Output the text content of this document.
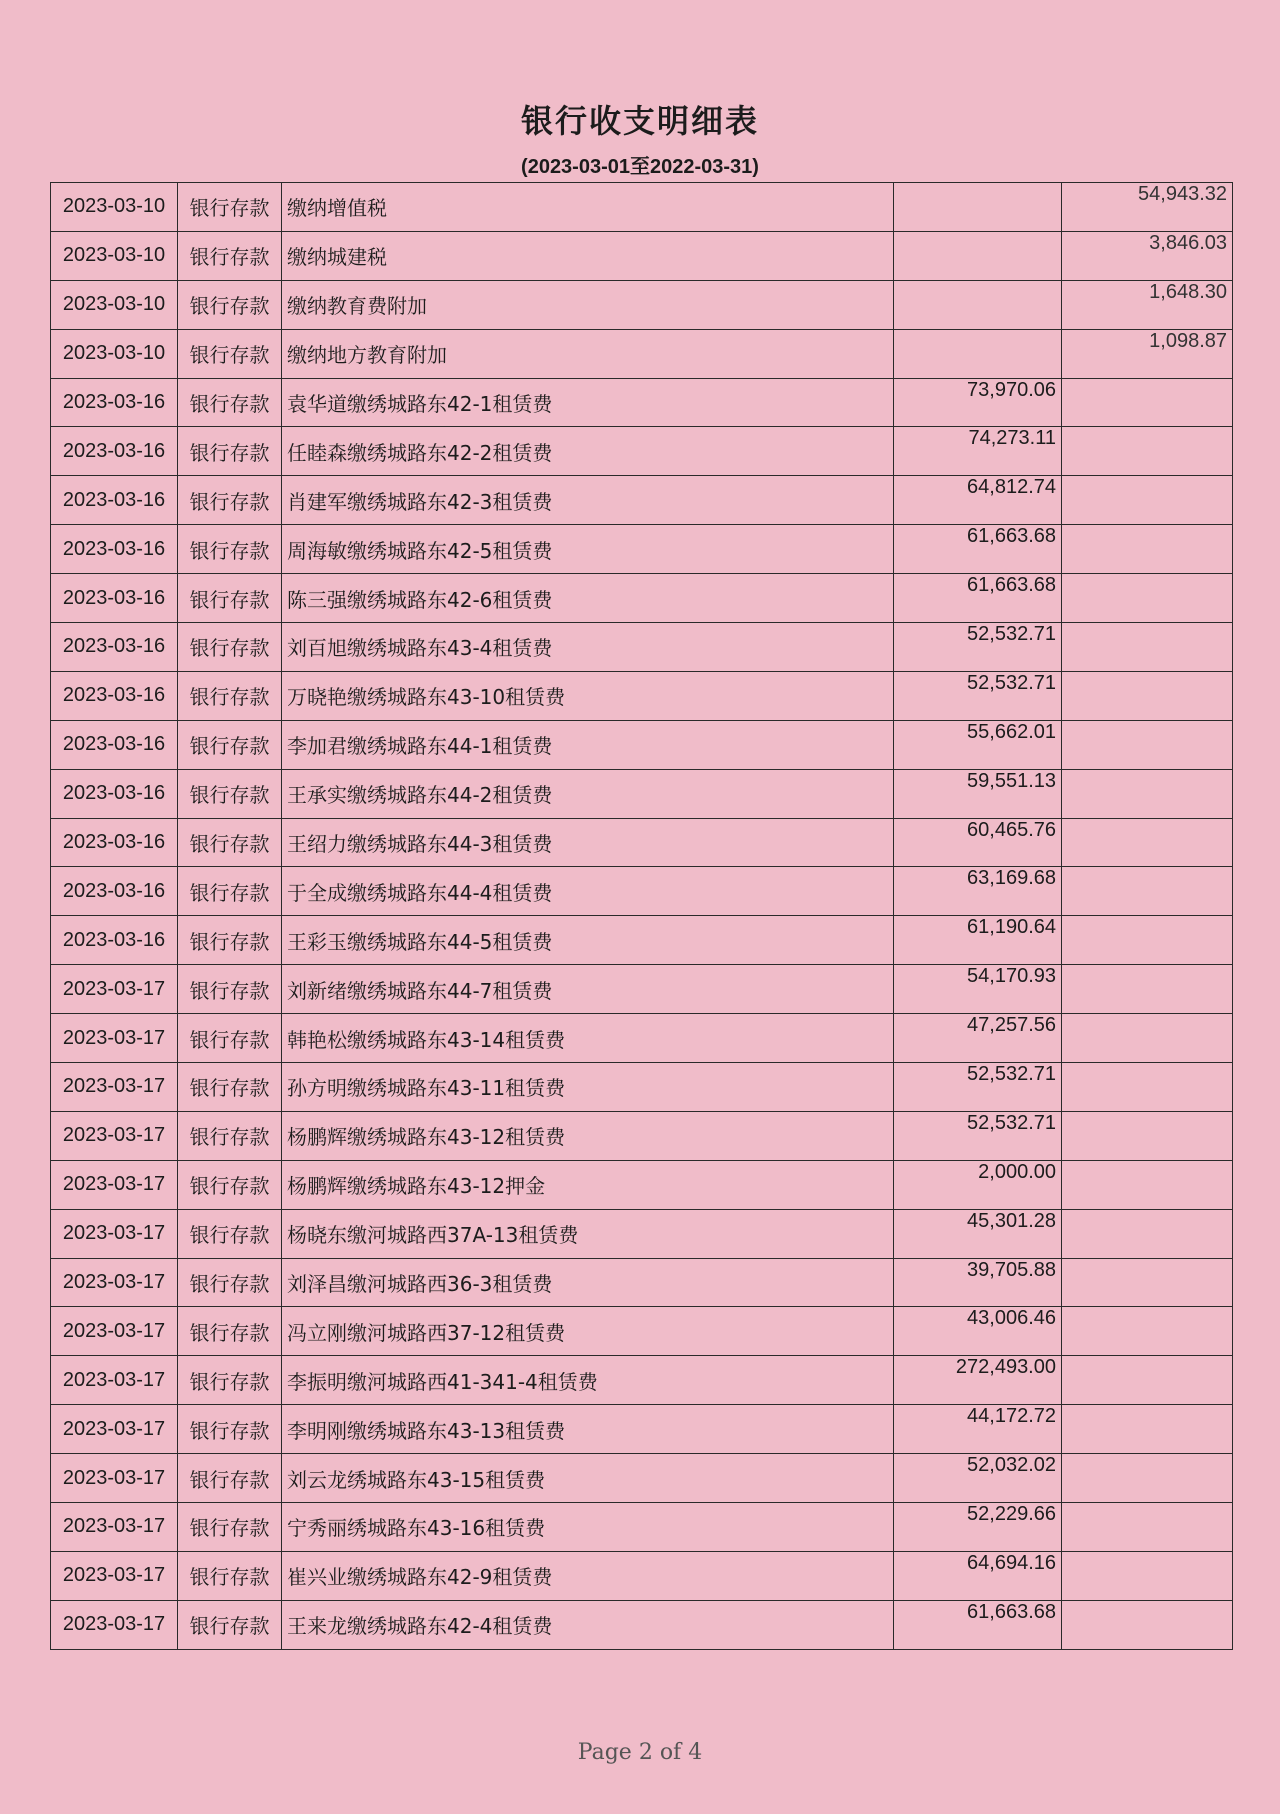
银行收支明细表
(2023-03-01至2022-03-31)
2023-03-10	银行存款	缴纳增值税		54,943.32
2023-03-10	银行存款	缴纳城建税		3,846.03
2023-03-10	银行存款	缴纳教育费附加		1,648.30
2023-03-10	银行存款	缴纳地方教育附加		1,098.87
2023-03-16	银行存款	袁华道缴绣城路东42-1租赁费	73,970.06	
2023-03-16	银行存款	任睦森缴绣城路东42-2租赁费	74,273.11	
2023-03-16	银行存款	肖建军缴绣城路东42-3租赁费	64,812.74	
2023-03-16	银行存款	周海敏缴绣城路东42-5租赁费	61,663.68	
2023-03-16	银行存款	陈三强缴绣城路东42-6租赁费	61,663.68	
2023-03-16	银行存款	刘百旭缴绣城路东43-4租赁费	52,532.71	
2023-03-16	银行存款	万晓艳缴绣城路东43-10租赁费	52,532.71	
2023-03-16	银行存款	李加君缴绣城路东44-1租赁费	55,662.01	
2023-03-16	银行存款	王承实缴绣城路东44-2租赁费	59,551.13	
2023-03-16	银行存款	王绍力缴绣城路东44-3租赁费	60,465.76	
2023-03-16	银行存款	于全成缴绣城路东44-4租赁费	63,169.68	
2023-03-16	银行存款	王彩玉缴绣城路东44-5租赁费	61,190.64	
2023-03-17	银行存款	刘新绪缴绣城路东44-7租赁费	54,170.93	
2023-03-17	银行存款	韩艳松缴绣城路东43-14租赁费	47,257.56	
2023-03-17	银行存款	孙方明缴绣城路东43-11租赁费	52,532.71	
2023-03-17	银行存款	杨鹏辉缴绣城路东43-12租赁费	52,532.71	
2023-03-17	银行存款	杨鹏辉缴绣城路东43-12押金	2,000.00	
2023-03-17	银行存款	杨晓东缴河城路西37A-13租赁费	45,301.28	
2023-03-17	银行存款	刘泽昌缴河城路西36-3租赁费	39,705.88	
2023-03-17	银行存款	冯立刚缴河城路西37-12租赁费	43,006.46	
2023-03-17	银行存款	李振明缴河城路西41-341-4租赁费	272,493.00	
2023-03-17	银行存款	李明刚缴绣城路东43-13租赁费	44,172.72	
2023-03-17	银行存款	刘云龙绣城路东43-15租赁费	52,032.02	
2023-03-17	银行存款	宁秀丽绣城路东43-16租赁费	52,229.66	
2023-03-17	银行存款	崔兴业缴绣城路东42-9租赁费	64,694.16	
2023-03-17	银行存款	王来龙缴绣城路东42-4租赁费	61,663.68	
Page 2 of 4
